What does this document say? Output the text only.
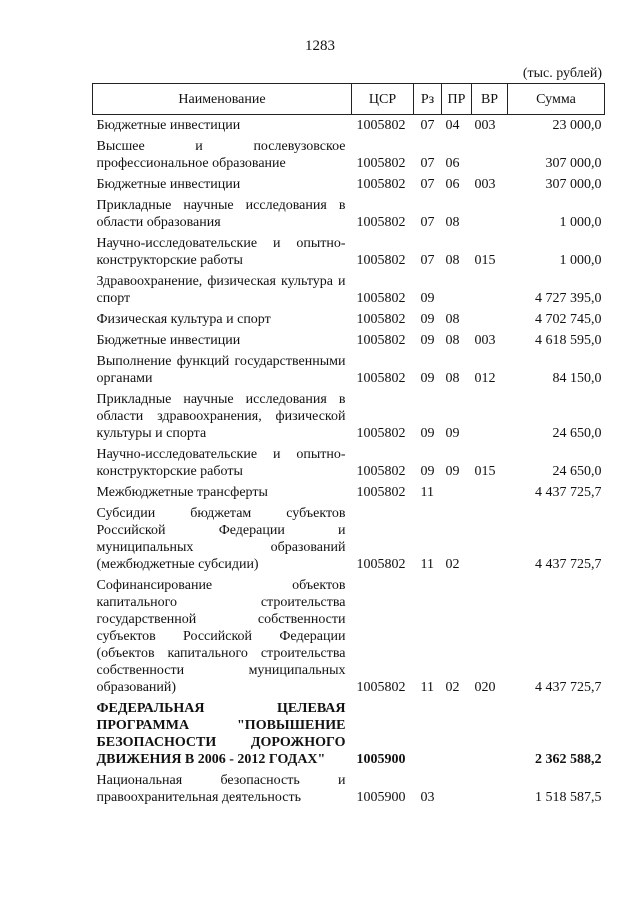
1283
(тыс. рублей)
Наименование	ЦСР	Рз	ПР	ВР	Сумма
Бюджетные инвестиции	1005802	07	04	003	23 000,0
Высшее и послевузовское профессиональное образование	1005802	07	06		307 000,0
Бюджетные инвестиции	1005802	07	06	003	307 000,0
Прикладные научные исследования в области образования	1005802	07	08		1 000,0
Научно-исследовательские и опытно-конструкторские работы	1005802	07	08	015	1 000,0
Здравоохранение, физическая культура и спорт	1005802	09			4 727 395,0
Физическая культура и спорт	1005802	09	08		4 702 745,0
Бюджетные инвестиции	1005802	09	08	003	4 618 595,0
Выполнение функций государственными органами	1005802	09	08	012	84 150,0
Прикладные научные исследования в области здравоохранения, физической культуры и спорта	1005802	09	09		24 650,0
Научно-исследовательские и опытно-конструкторские работы	1005802	09	09	015	24 650,0
Межбюджетные трансферты	1005802	11			4 437 725,7
Субсидии бюджетам субъектов Российской Федерации и муниципальных образований (межбюджетные субсидии)	1005802	11	02		4 437 725,7
Софинансирование объектов капитального строительства государственной собственности субъектов Российской Федерации (объектов капитального строительства собственности муниципальных образований)	1005802	11	02	020	4 437 725,7
ФЕДЕРАЛЬНАЯ ЦЕЛЕВАЯ ПРОГРАММА "ПОВЫШЕНИЕ БЕЗОПАСНОСТИ ДОРОЖНОГО ДВИЖЕНИЯ В 2006 - 2012 ГОДАХ"	1005900				2 362 588,2
Национальная безопасность и правоохранительная деятельность	1005900	03			1 518 587,5
